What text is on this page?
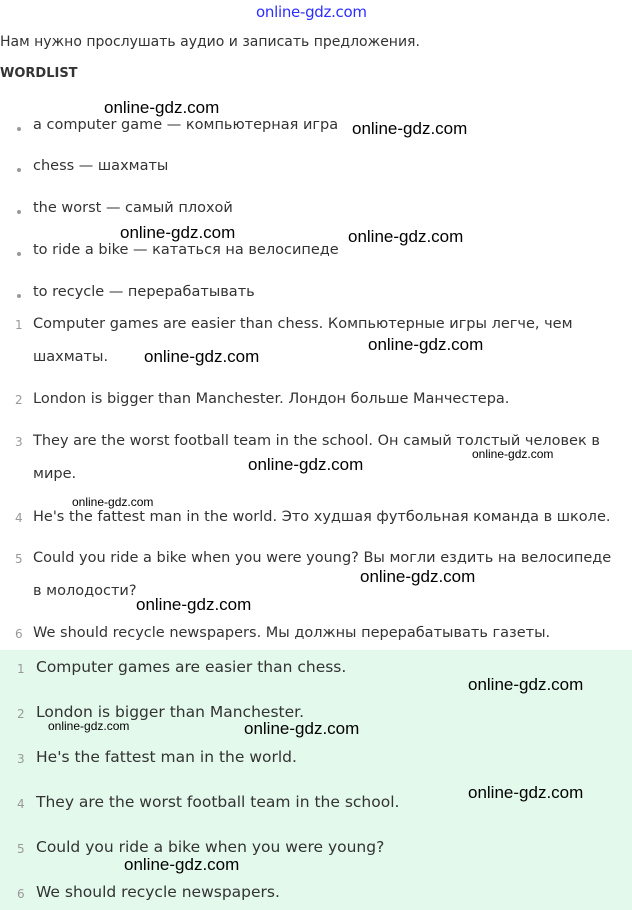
online-gdz.com
Нам нужно прослушать аудио и записать предложения.
WORDLIST
a computer game — компьютерная игра
chess — шахматы
the worst — самый плохой
to ride a bike — кататься на велосипеде
to recycle — перерабатывать
1 Computer games are easier than chess. Компьютерные игры легче, чем
шахматы.
2 London is bigger than Manchester. Лондон больше Манчестера.
3 They are the worst football team in the school. Он самый толстый человек в
мире.
4 He's the fattest man in the world. Это худшая футбольная команда в школе.
5 Could you ride a bike when you were young? Вы могли ездить на велосипеде
в молодости?
6 We should recycle newspapers. Мы должны перерабатывать газеты.
1 Computer games are easier than chess.
2 London is bigger than Manchester.
3 He's the fattest man in the world.
4 They are the worst football team in the school.
5 Could you ride a bike when you were young?
6 We should recycle newspapers.
online-gdz.com
online-gdz.com
online-gdz.com	online-gdz.com
online-gdz.com
online-gdz.com
online-gdz.com
online-gdz.com
online-gdz.com
online-gdz.com
online-gdz.com
online-gdz.com
online-gdz.com	online-gdz.com
online-gdz.com
online-gdz.com
